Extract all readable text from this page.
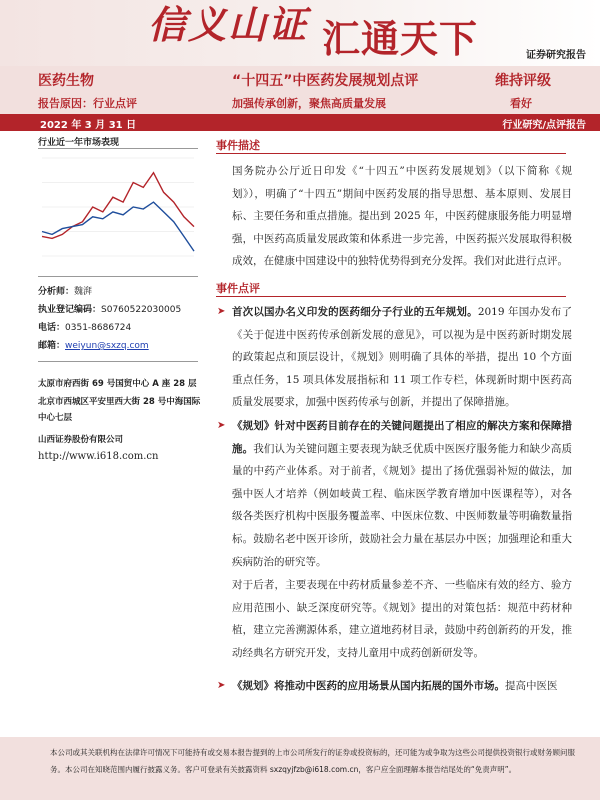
信义山证 汇通天下	证券研究报告
医药生物	“十四五”中医药发展规划点评	维持评级
报告原因：行业点评	加强传承创新，聚焦高质量发展	看好
2022 年 3 月 31 日	行业研究/点评报告
行业近一年市场表现
分析师：魏湃
执业登记编码：S0760522030005
电话：0351-8686724
邮箱：weiyun@sxzq.com
太原市府西街 69 号国贸中心 A 座 28 层
北京市西城区平安里西大街 28 号中海国际中心七层
山西证券股份有限公司
http://www.i618.com.cn
事件描述
国务院办公厅近日印发《“十四五”中医药发展规划》（以下简称《规划》），明确了“十四五”期间中医药发展的指导思想、基本原则、发展目标、主要任务和重点措施。提出到 2025 年，中医药健康服务能力明显增强，中医药高质量发展政策和体系进一步完善，中医药振兴发展取得积极成效，在健康中国建设中的独特优势得到充分发挥。我们对此进行点评。
事件点评
➤ 首次以国办名义印发的医药细分子行业的五年规划。2019 年国办发布了《关于促进中医药传承创新发展的意见》，可以视为是中医药新时期发展的政策起点和顶层设计，《规划》则明确了具体的举措，提出 10 个方面重点任务，15 项具体发展指标和 11 项工作专栏，体现新时期中医药高质量发展要求，加强中医药传承与创新，并提出了保障措施。
➤ 《规划》针对中医药目前存在的关键问题提出了相应的解决方案和保障措施。我们认为关键问题主要表现为缺乏优质中医医疗服务能力和缺少高质量的中药产业体系。对于前者，《规划》提出了扬优强弱补短的做法，加强中医人才培养（例如岐黄工程、临床医学教育增加中医课程等），对各级各类医疗机构中医服务覆盖率、中医床位数、中医师数量等明确数量指标。鼓励名老中医开诊所，鼓励社会力量在基层办中医；加强理论和重大疾病防治的研究等。
对于后者，主要表现在中药材质量参差不齐、一些临床有效的经方、验方应用范围小、缺乏深度研究等。《规划》提出的对策包括：规范中药材种植，建立完善溯源体系，建立道地药材目录，鼓励中药创新药的开发，推动经典名方研究开发，支持儿童用中成药创新研发等。
➤ 《规划》将推动中医药的应用场景从国内拓展的国外市场。提高中医医
本公司或其关联机构在法律许可情况下可能持有或交易本报告提到的上市公司所发行的证券或投资标的，还可能为或争取为这些公司提供投资银行或财务顾问服务。本公司在知晓范围内履行披露义务。客户可登录有关披露资料 sxzqyjfzb@i618.com.cn，客户应全面理解本报告结尾处的“免责声明”。
